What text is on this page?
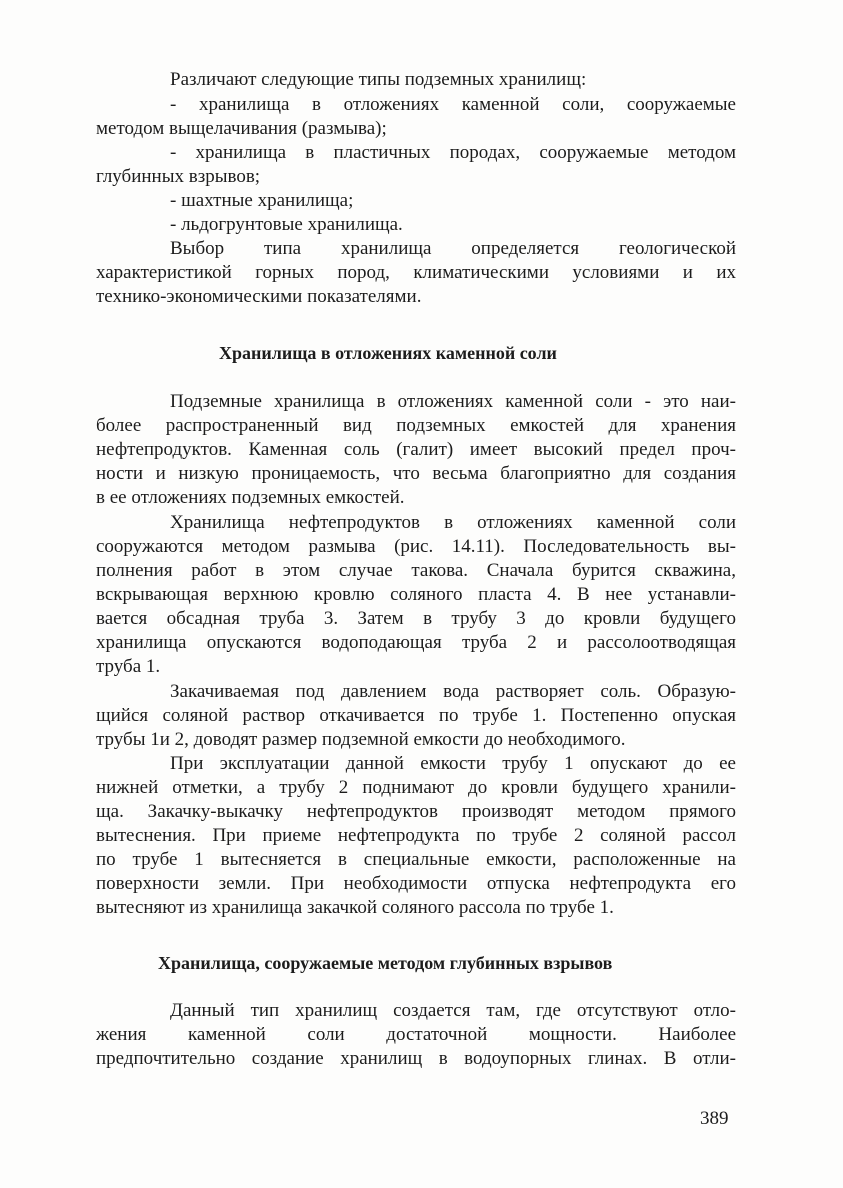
Различают следующие типы подземных хранилищ:
- хранилища в отложениях каменной соли, сооружаемые
методом выщелачивания (размыва);
- хранилища в пластичных породах, сооружаемые методом
глубинных взрывов;
- шахтные хранилища;
- льдогрунтовые хранилища.
Выбор типа хранилища определяется геологической
характеристикой горных пород, климатическими условиями и их
технико-экономическими показателями.
Хранилища в отложениях каменной соли
Подземные хранилища в отложениях каменной соли - это наи-
более распространенный вид подземных емкостей для хранения
нефтепродуктов. Каменная соль (галит) имеет высокий предел проч-
ности и низкую проницаемость, что весьма благоприятно для создания
в ее отложениях подземных емкостей.
Хранилища нефтепродуктов в отложениях каменной соли
сооружаются методом размыва (рис. 14.11). Последовательность вы-
полнения работ в этом случае такова. Сначала бурится скважина,
вскрывающая верхнюю кровлю соляного пласта 4. В нее устанавли-
вается обсадная труба 3. Затем в трубу 3 до кровли будущего
хранилища опускаются водоподающая труба 2 и рассолоотводящая
труба 1.
Закачиваемая под давлением вода растворяет соль. Образую-
щийся соляной раствор откачивается по трубе 1. Постепенно опуская
трубы 1и 2, доводят размер подземной емкости до необходимого.
При эксплуатации данной емкости трубу 1 опускают до ее
нижней отметки, а трубу 2 поднимают до кровли будущего хранили-
ща. Закачку-выкачку нефтепродуктов производят методом прямого
вытеснения. При приеме нефтепродукта по трубе 2 соляной рассол
по трубе 1 вытесняется в специальные емкости, расположенные на
поверхности земли. При необходимости отпуска нефтепродукта его
вытесняют из хранилища закачкой соляного рассола по трубе 1.
Хранилища, сооружаемые методом глубинных взрывов
Данный тип хранилищ создается там, где отсутствуют отло-
жения каменной соли достаточной мощности. Наиболее
предпочтительно создание хранилищ в водоупорных глинах. В отли-
389
